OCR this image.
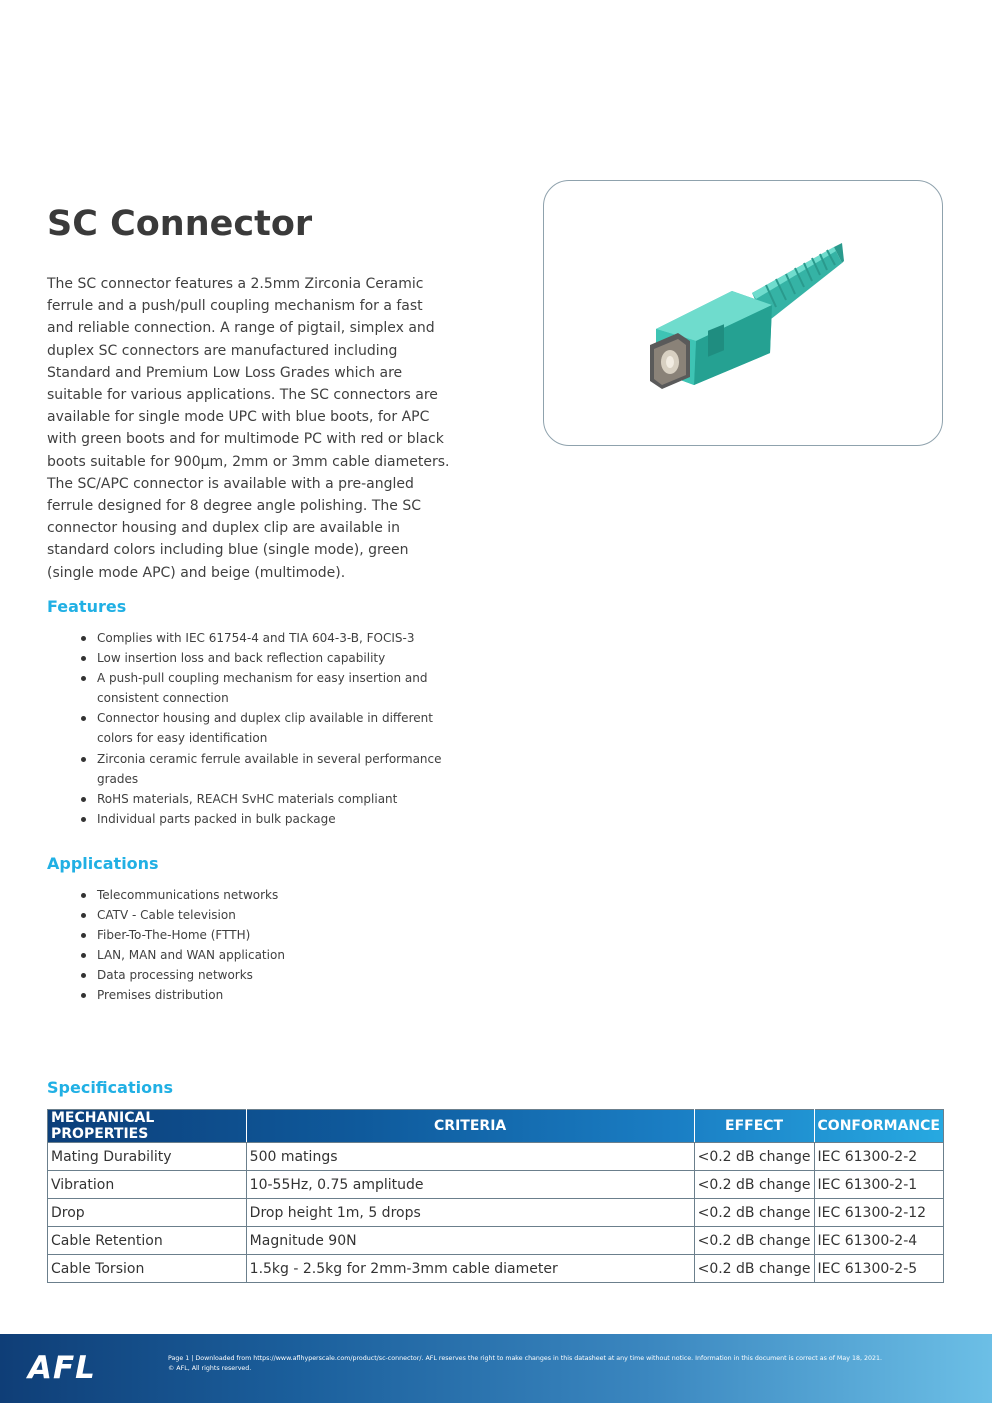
SC Connector

The SC connector features a 2.5mm Zirconia Ceramic ferrule and a push/pull coupling mechanism for a fast and reliable connection. A range of pigtail, simplex and duplex SC connectors are manufactured including Standard and Premium Low Loss Grades which are suitable for various applications. The SC connectors are available for single mode UPC with blue boots, for APC with green boots and for multimode PC with red or black boots suitable for 900µm, 2mm or 3mm cable diameters. The SC/APC connector is available with a pre-angled ferrule designed for 8 degree angle polishing. The SC connector housing and duplex clip are available in standard colors including blue (single mode), green (single mode APC) and beige (multimode).

Features
Complies with IEC 61754-4 and TIA 604-3-B, FOCIS-3
Low insertion loss and back reflection capability
A push-pull coupling mechanism for easy insertion and consistent connection
Connector housing and duplex clip available in different colors for easy identification
Zirconia ceramic ferrule available in several performance grades
RoHS materials, REACH SvHC materials compliant
Individual parts packed in bulk package
Applications
Telecommunications networks
CATV - Cable television
Fiber-To-The-Home (FTTH)
LAN, MAN and WAN application
Data processing networks
Premises distribution
Specifications
MECHANICAL PROPERTIES	CRITERIA	EFFECT	CONFORMANCE
Mating Durability	500 matings	<0.2 dB change	IEC 61300-2-2
Vibration	10-55Hz, 0.75 amplitude	<0.2 dB change	IEC 61300-2-1
Drop	Drop height 1m, 5 drops	<0.2 dB change	IEC 61300-2-12
Cable Retention	Magnitude 90N	<0.2 dB change	IEC 61300-2-4
Cable Torsion	1.5kg - 2.5kg for 2mm-3mm cable diameter	<0.2 dB change	IEC 61300-2-5
AFL	Page 1 | Downloaded from https://www.aflhyperscale.com/product/sc-connector/. AFL reserves the right to make changes in this datasheet at any time without notice. Information in this document is correct as of May 18, 2021.
© AFL, All rights reserved.
